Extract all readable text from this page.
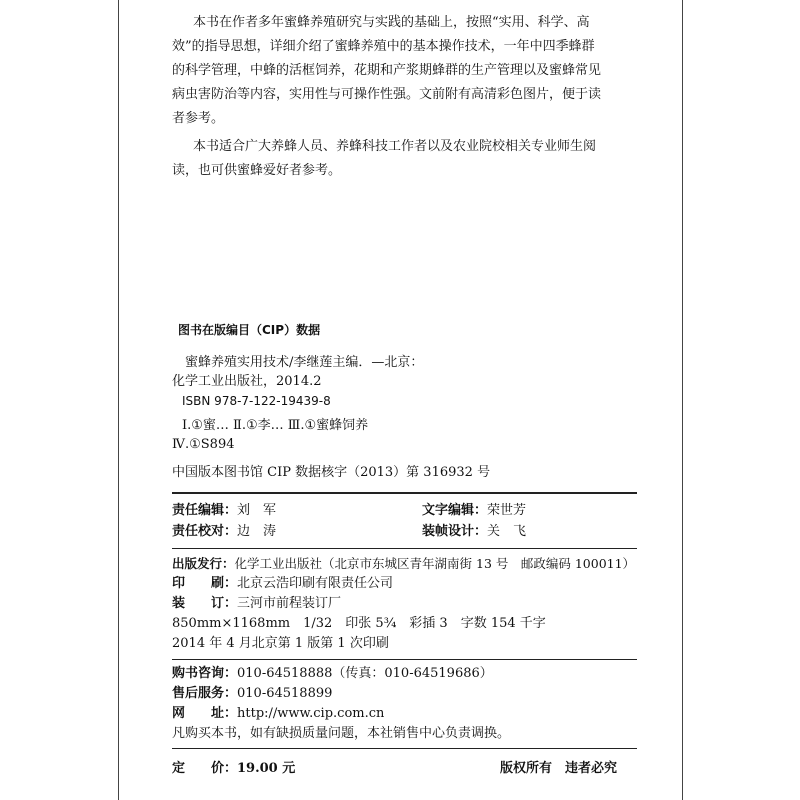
本书在作者多年蜜蜂养殖研究与实践的基础上，按照“实用、科学、高
效”的指导思想，详细介绍了蜜蜂养殖中的基本操作技术，一年中四季蜂群
的科学管理，中蜂的活框饲养，花期和产浆期蜂群的生产管理以及蜜蜂常见
病虫害防治等内容，实用性与可操作性强。文前附有高清彩色图片，便于读
者参考。
本书适合广大养蜂人员、养蜂科技工作者以及农业院校相关专业师生阅
读，也可供蜜蜂爱好者参考。
图书在版编目（CIP）数据
蜜蜂养殖实用技术/李继莲主编．—北京：
化学工业出版社，2014.2
ISBN 978-7-122-19439-8
Ⅰ.①蜜… Ⅱ.①李… Ⅲ.①蜜蜂饲养
Ⅳ.①S894
中国版本图书馆 CIP 数据核字（2013）第 316932 号
责任编辑：刘　军	文字编辑：荣世芳
责任校对：边　涛	装帧设计：关　飞
出版发行：化学工业出版社（北京市东城区青年湖南街 13 号　邮政编码 100011）
印　　刷：北京云浩印刷有限责任公司
装　　订：三河市前程装订厂
850mm×1168mm　1/32　印张 5¾　彩插 3　字数 154 千字
2014 年 4 月北京第 1 版第 1 次印刷
购书咨询：010-64518888（传真：010-64519686）
售后服务：010-64518899
网　　址：http://www.cip.com.cn
凡购买本书，如有缺损质量问题，本社销售中心负责调换。
定　　价：19.00 元	版权所有　违者必究
